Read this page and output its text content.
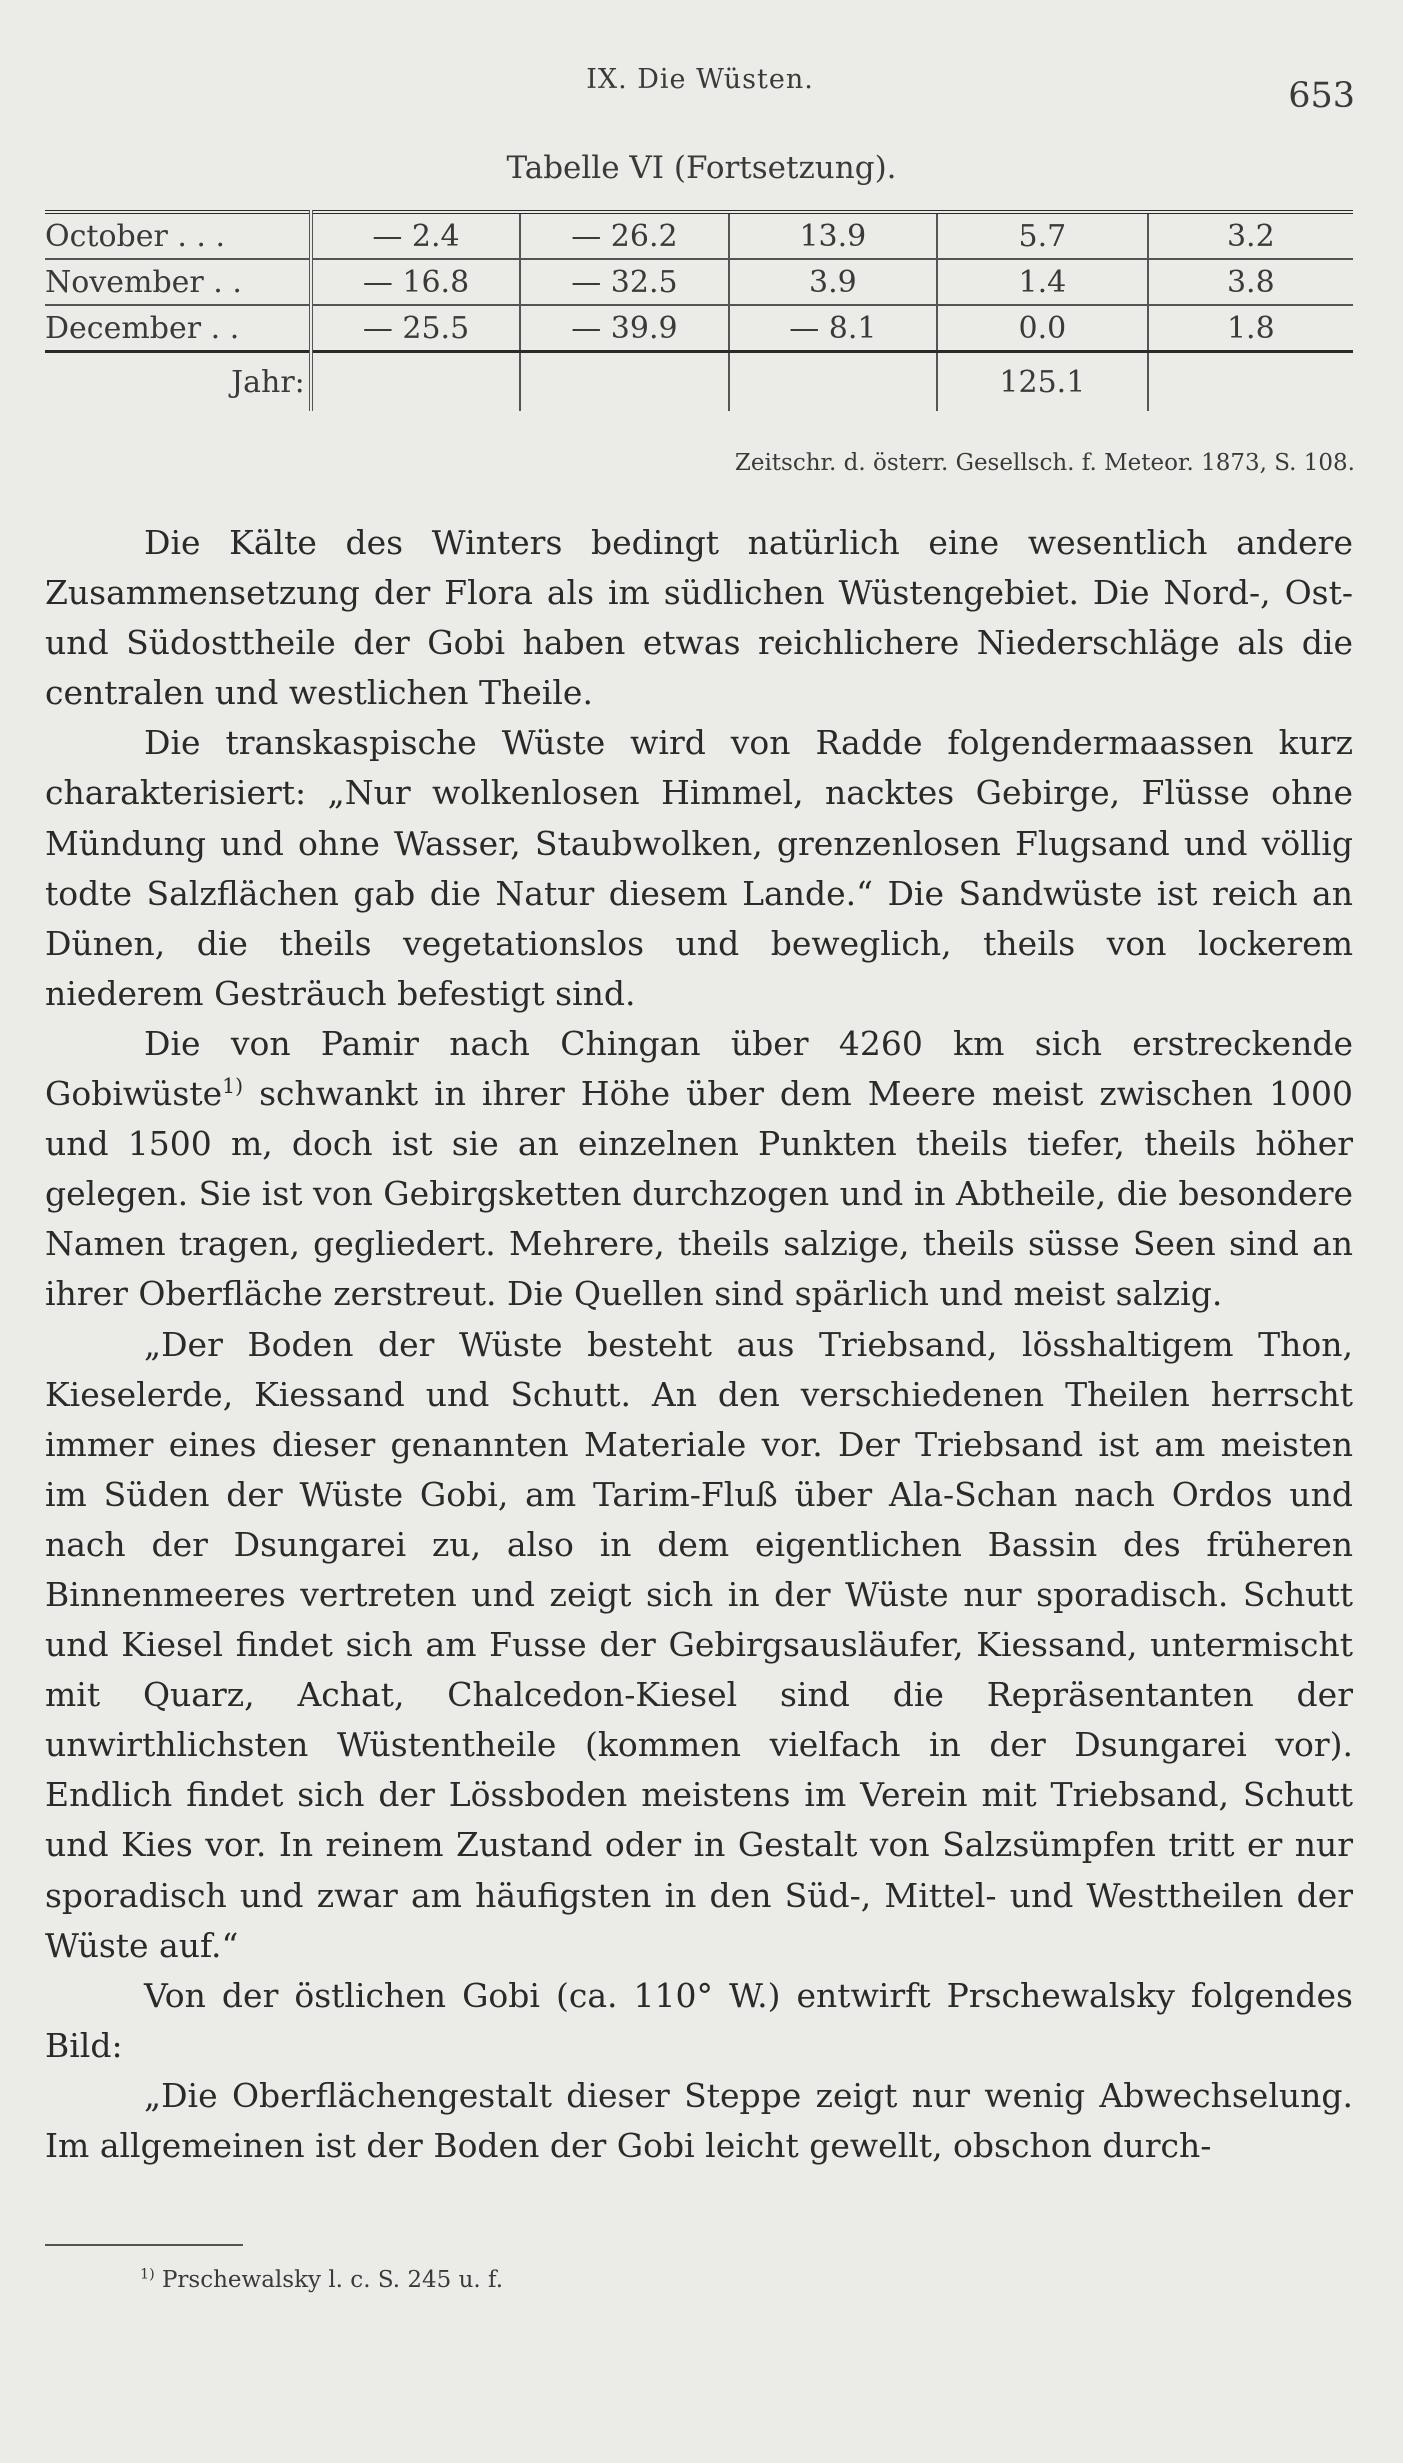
IX. Die Wüsten.	653
Tabelle VI (Fortsetzung).
October . . .	— 2.4	— 26.2	13.9	5.7	3.2
November . .	— 16.8	— 32.5	3.9	1.4	3.8
December . .	— 25.5	— 39.9	— 8.1	0.0	1.8
Jahr:				125.1	
Zeitschr. d. österr. Gesellsch. f. Meteor. 1873, S. 108.

Die Kälte des Winters bedingt natürlich eine wesentlich andere Zusammensetzung der Flora als im südlichen Wüstengebiet. Die Nord-, Ost- und Südosttheile der Gobi haben etwas reichlichere Niederschläge als die centralen und westlichen Theile.

Die transkaspische Wüste wird von Radde folgendermaassen kurz charakterisiert: „Nur wolkenlosen Himmel, nacktes Gebirge, Flüsse ohne Mündung und ohne Wasser, Staubwolken, grenzenlosen Flugsand und völlig todte Salzflächen gab die Natur diesem Lande.“ Die Sandwüste ist reich an Dünen, die theils vegetationslos und beweglich, theils von lockerem niederem Gesträuch befestigt sind.

Die von Pamir nach Chingan über 4260 km sich erstreckende Gobiwüste$^{1)}$ schwankt in ihrer Höhe über dem Meere meist zwischen 1000 und 1500 m, doch ist sie an einzelnen Punkten theils tiefer, theils höher gelegen. Sie ist von Gebirgsketten durchzogen und in Abtheile, die besondere Namen tragen, gegliedert. Mehrere, theils salzige, theils süsse Seen sind an ihrer Oberfläche zerstreut. Die Quellen sind spärlich und meist salzig.

„Der Boden der Wüste besteht aus Triebsand, lösshaltigem Thon, Kieselerde, Kiessand und Schutt. An den verschiedenen Theilen herrscht immer eines dieser genannten Materiale vor. Der Triebsand ist am meisten im Süden der Wüste Gobi, am Tarim-Fluß über Ala-Schan nach Ordos und nach der Dsungarei zu, also in dem eigentlichen Bassin des früheren Binnenmeeres vertreten und zeigt sich in der Wüste nur sporadisch. Schutt und Kiesel findet sich am Fusse der Gebirgsausläufer, Kiessand, untermischt mit Quarz, Achat, Chalcedon-Kiesel sind die Repräsentanten der unwirthlichsten Wüstentheile (kommen vielfach in der Dsungarei vor). Endlich findet sich der Lössboden meistens im Verein mit Triebsand, Schutt und Kies vor. In reinem Zustand oder in Gestalt von Salzsümpfen tritt er nur sporadisch und zwar am häufigsten in den Süd-, Mittel- und Westtheilen der Wüste auf.“

Von der östlichen Gobi (ca. 110° W.) entwirft Prschewalsky folgendes Bild:

„Die Oberflächengestalt dieser Steppe zeigt nur wenig Abwechselung. Im allgemeinen ist der Boden der Gobi leicht gewellt, obschon durch-

$^{1)}$ Prschewalsky l. c. S. 245 u. f.
